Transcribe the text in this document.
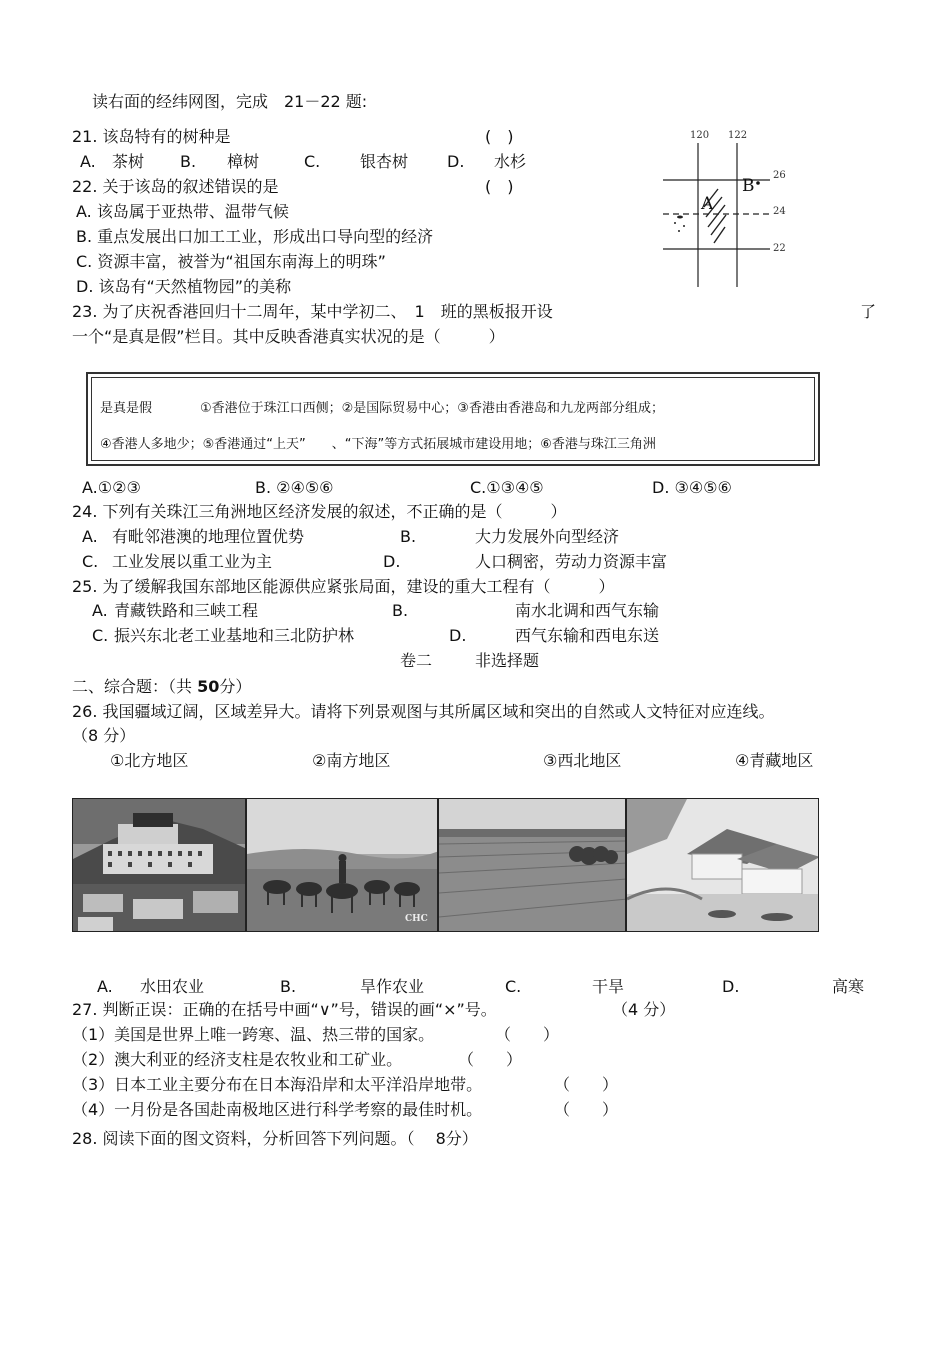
读右面的经纬网图，完成　21－22 题:
21. 该岛特有的树种是	(　)
A. 茶树 B. 樟树	C. 银杏树 D. 水杉
22. 关于该岛的叙述错误的是	(　)
A. 该岛属于亚热带、温带气候
B. 重点发展出口加工工业，形成出口导向型的经济
C. 资源丰富，被誉为“祖国东南海上的明珠”
D. 该岛有“天然植物园”的美称
120 122
26
24
22
A
B
23. 为了庆祝香港回归十二周年，某中学初二、　1　班的黑板报开设	了
一个“是真是假”栏目。其中反映香港真实状况的是（　　　）
是真是假	①香港位于珠江口西侧；②是国际贸易中心；③香港由香港岛和九龙两部分组成；
④香港人多地少；⑤香港通过“上天”　　、“下海”等方式拓展城市建设用地；⑥香港与珠江三角洲
A.①②③	B. ②④⑤⑥	C.①③④⑤	D. ③④⑤⑥
24. 下列有关珠江三角洲地区经济发展的叙述，不正确的是（　　　）
A. 有毗邻港澳的地理位置优势	B.	大力发展外向型经济
C. 工业发展以重工业为主	D.	人口稠密，劳动力资源丰富
25. 为了缓解我国东部地区能源供应紧张局面，建设的重大工程有（　　　）
A. 青藏铁路和三峡工程	B.	南水北调和西气东输
C. 振兴东北老工业基地和三北防护林	D.	西气东输和西电东送
卷二	非选择题
二、综合题：（共 50分）
26. 我国疆域辽阔，区域差异大。请将下列景观图与其所属区域和突出的自然或人文特征对应连线。
（8 分）
①北方地区	②南方地区	③西北地区	④青藏地区
CHC
A. 水田农业	B.	旱作农业	C.	干旱	D.	高寒
27. 判断正误：正确的在括号中画“∨”号，错误的画“×”号。	（4 分）
（1）美国是世界上唯一跨寒、温、热三带的国家。	（　　）
（2）澳大利亚的经济支柱是农牧业和工矿业。	（　　）
（3）日本工业主要分布在日本海沿岸和太平洋沿岸地带。	（　　）
（4）一月份是各国赴南极地区进行科学考察的最佳时机。	（　　）
28. 阅读下面的图文资料，分析回答下列问题。（　 8分）
